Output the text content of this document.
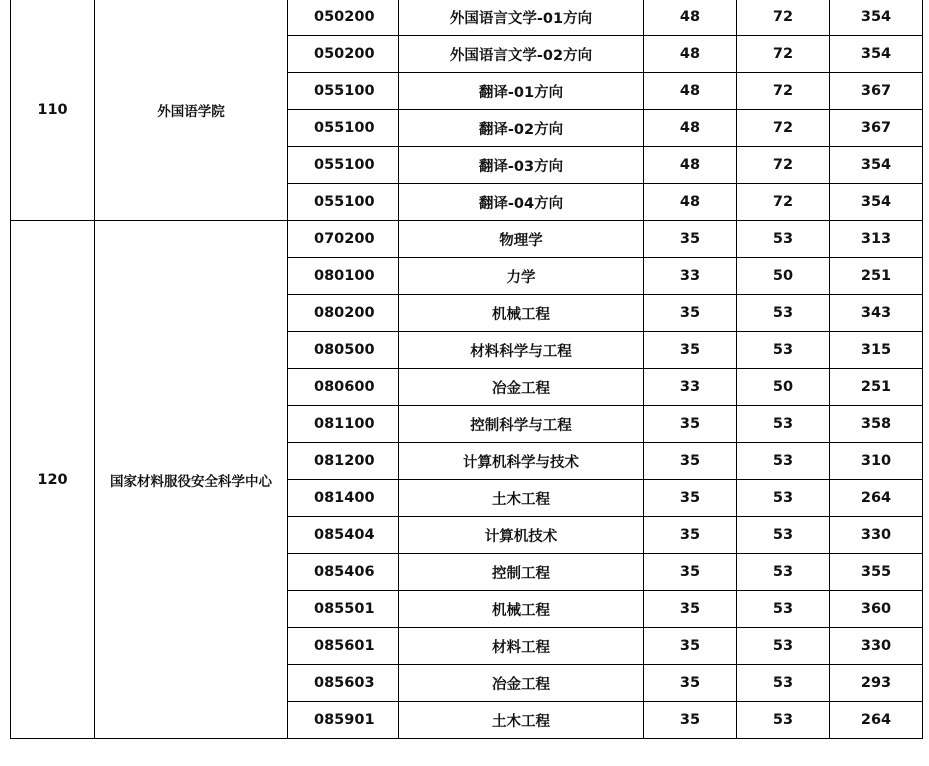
110	外国语学院	050200	外国语言文学-01方向	48	72	354
		050200	外国语言文学-02方向	48	72	354
		055100	翻译-01方向	48	72	367
		055100	翻译-02方向	48	72	367
		055100	翻译-03方向	48	72	354
		055100	翻译-04方向	48	72	354
120	国家材料服役安全科学中心	070200	物理学	35	53	313
		080100	力学	33	50	251
		080200	机械工程	35	53	343
		080500	材料科学与工程	35	53	315
		080600	冶金工程	33	50	251
		081100	控制科学与工程	35	53	358
		081200	计算机科学与技术	35	53	310
		081400	土木工程	35	53	264
		085404	计算机技术	35	53	330
		085406	控制工程	35	53	355
		085501	机械工程	35	53	360
		085601	材料工程	35	53	330
		085603	冶金工程	35	53	293
		085901	土木工程	35	53	264
